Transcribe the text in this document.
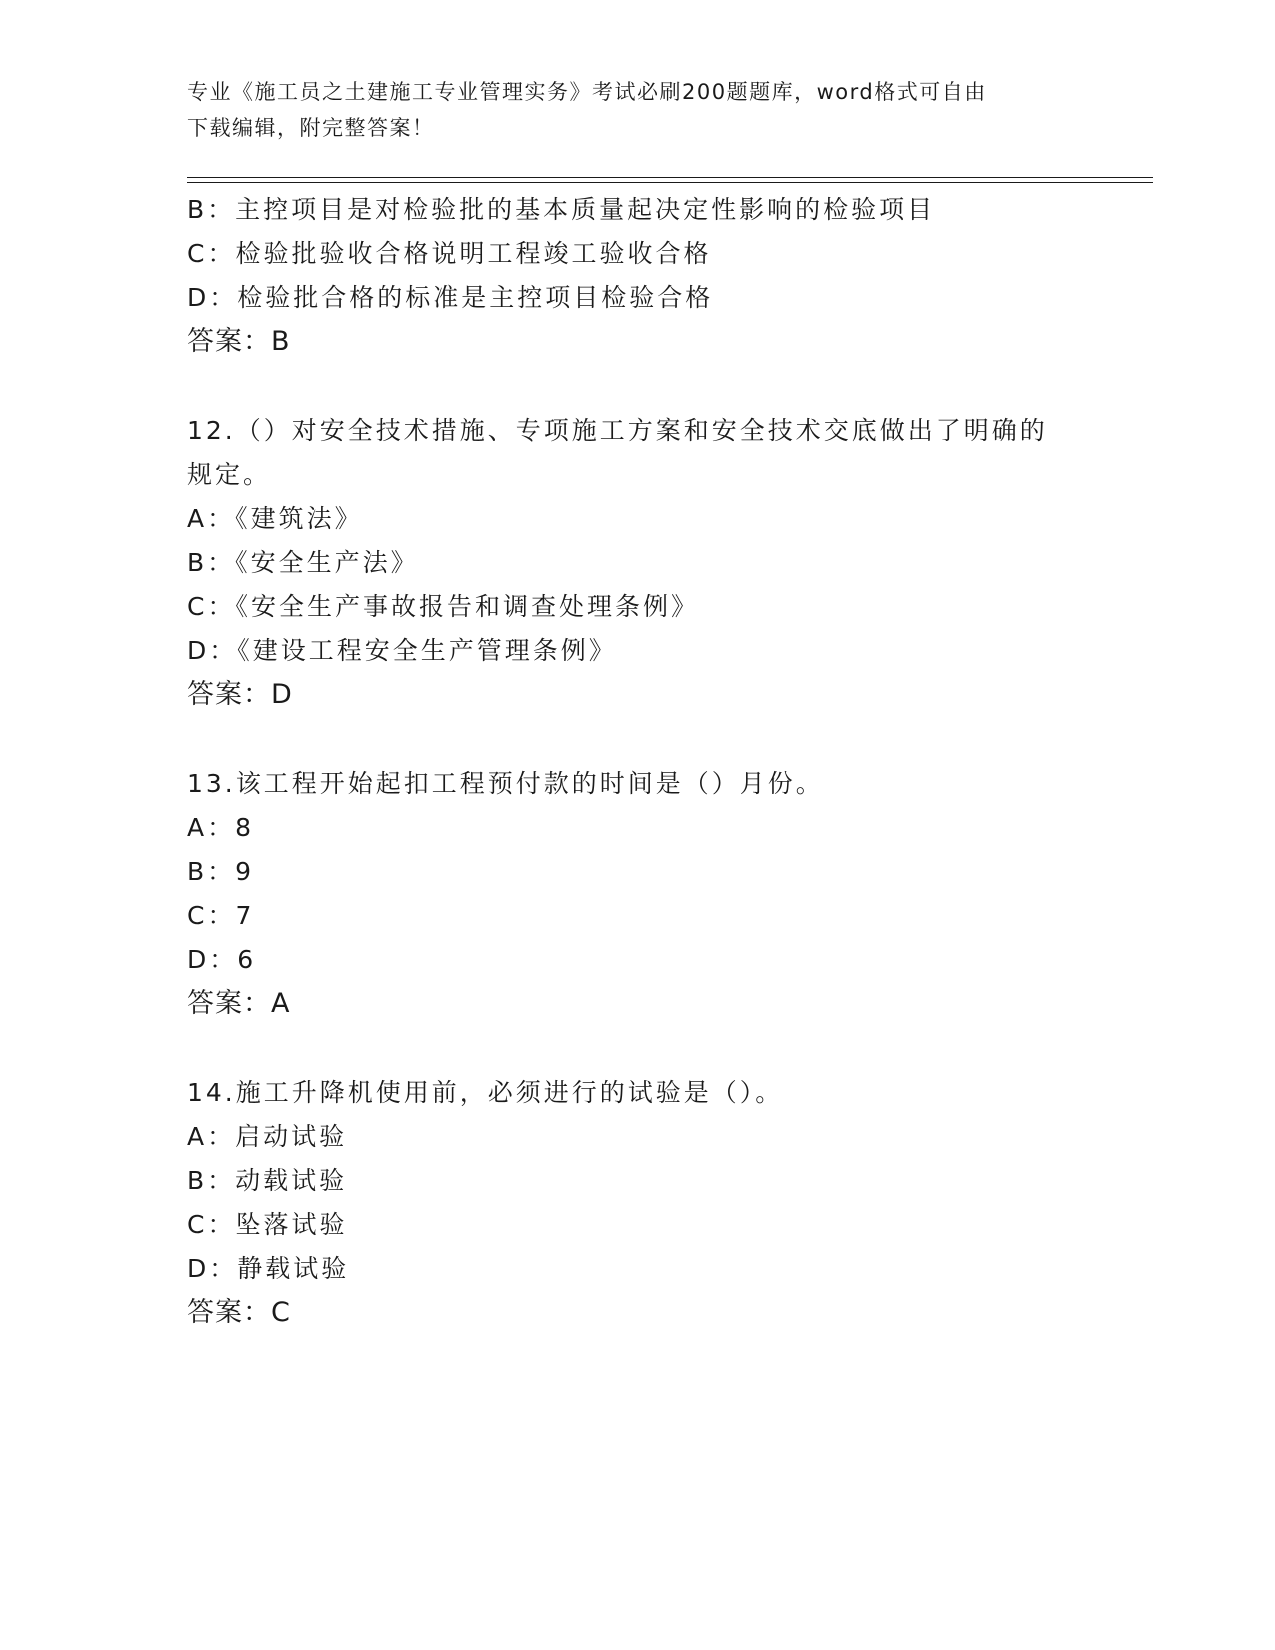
专业《施工员之土建施工专业管理实务》考试必刷200题题库，word格式可自由
下载编辑，附完整答案！
B：主控项目是对检验批的基本质量起决定性影响的检验项目
C：检验批验收合格说明工程竣工验收合格
D：检验批合格的标准是主控项目检验合格
答案：B
12.（）对安全技术措施、专项施工方案和安全技术交底做出了明确的
规定。
A：《建筑法》
B：《安全生产法》
C：《安全生产事故报告和调查处理条例》
D：《建设工程安全生产管理条例》
答案：D
13.该工程开始起扣工程预付款的时间是（）月份。
A：8
B：9
C：7
D：6
答案：A
14.施工升降机使用前，必须进行的试验是（）。
A：启动试验
B：动载试验
C：坠落试验
D：静载试验
答案：C
